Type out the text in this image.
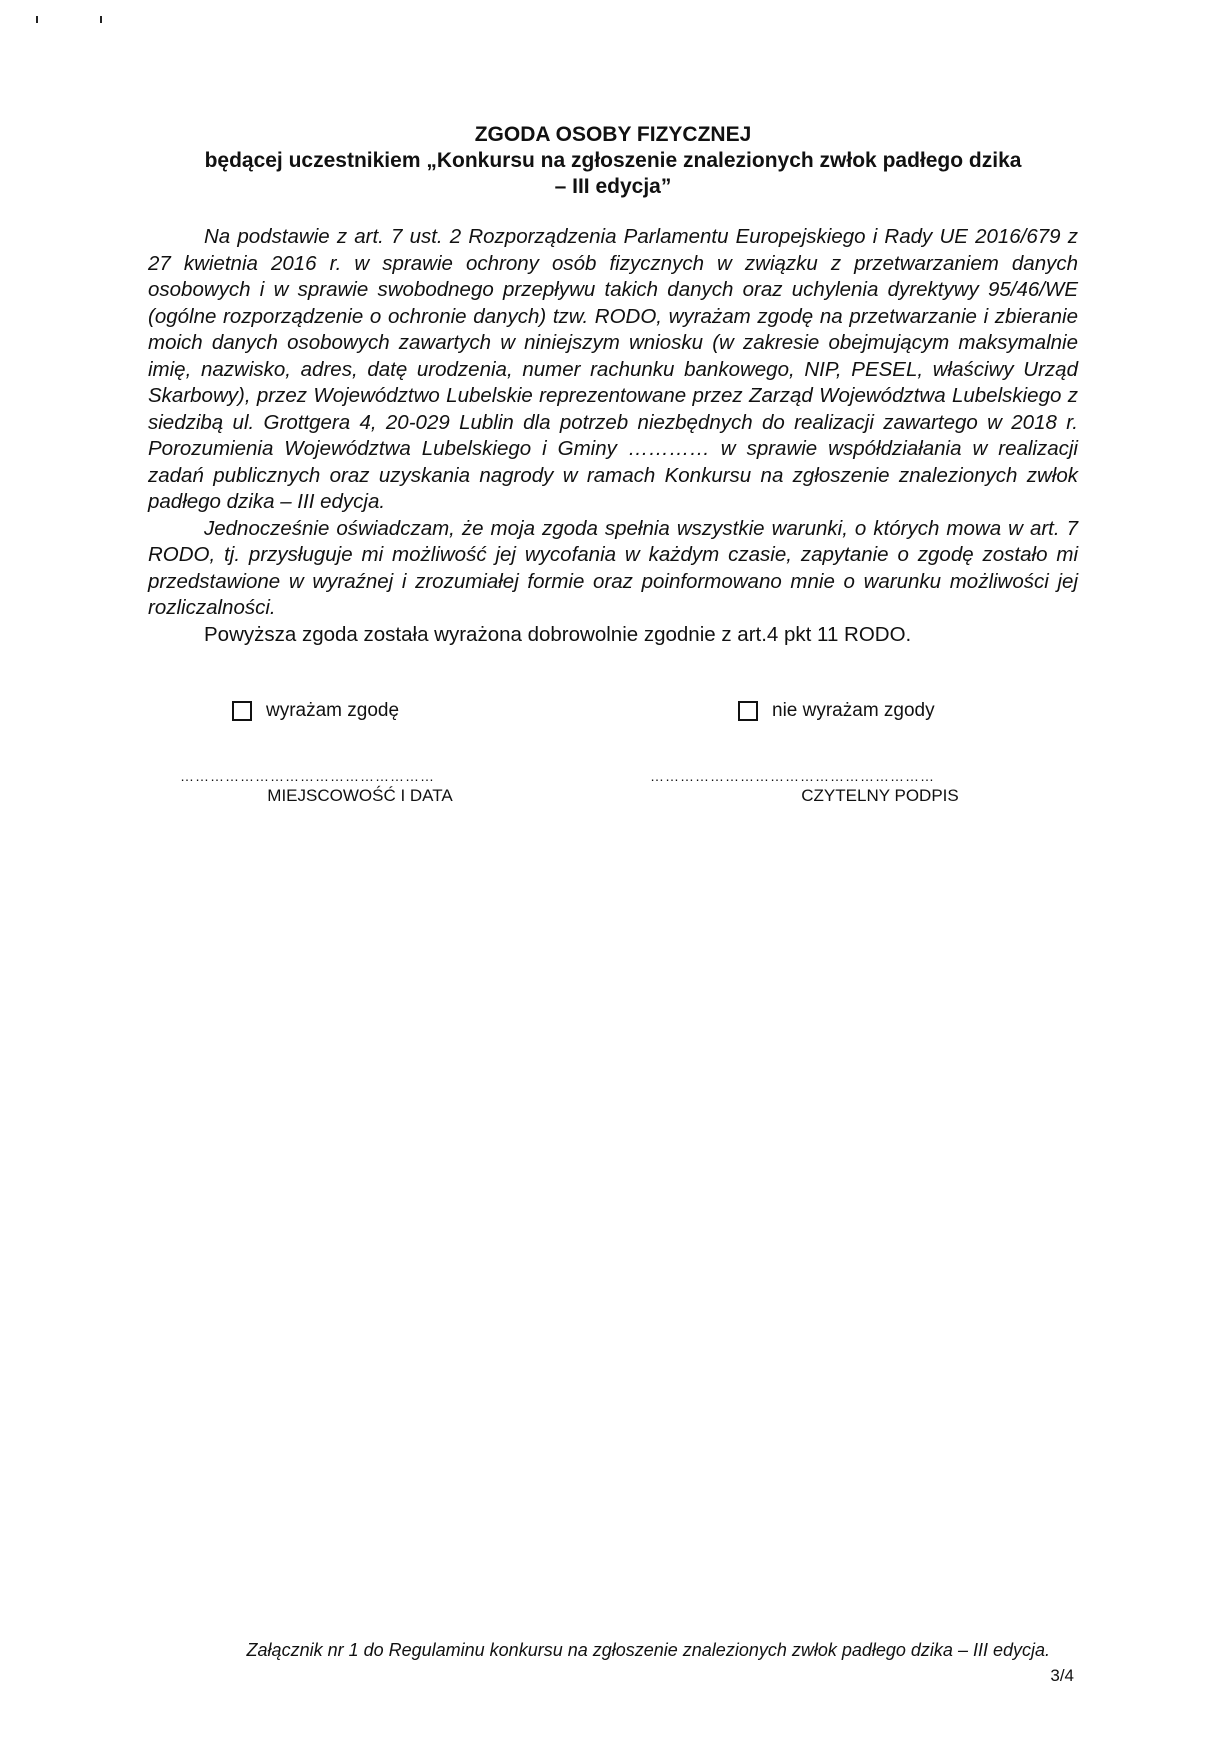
ZGODA OSOBY FIZYCZNEJ
będącej uczestnikiem „Konkursu na zgłoszenie znalezionych zwłok padłego dzika
– III edycja”

Na podstawie z art. 7 ust. 2 Rozporządzenia Parlamentu Europejskiego i Rady UE 2016/679 z 27 kwietnia 2016 r. w sprawie ochrony osób fizycznych w związku z przetwarzaniem danych osobowych i w sprawie swobodnego przepływu takich danych oraz uchylenia dyrektywy 95/46/WE (ogólne rozporządzenie o ochronie danych) tzw. RODO, wyrażam zgodę na przetwarzanie i zbieranie moich danych osobowych zawartych w niniejszym wniosku (w zakresie obejmującym maksymalnie imię, nazwisko, adres, datę urodzenia, numer rachunku bankowego, NIP, PESEL, właściwy Urząd Skarbowy), przez Województwo Lubelskie reprezentowane przez Zarząd Województwa Lubelskiego z siedzibą ul. Grottgera 4, 20-029 Lublin dla potrzeb niezbędnych do realizacji zawartego w 2018 r. Porozumienia Województwa Lubelskiego i Gminy ………… w sprawie współdziałania w realizacji zadań publicznych oraz uzyskania nagrody w ramach Konkursu na zgłoszenie znalezionych zwłok padłego dzika – III edycja.

Jednocześnie oświadczam, że moja zgoda spełnia wszystkie warunki, o których mowa w art. 7 RODO, tj. przysługuje mi możliwość jej wycofania w każdym czasie, zapytanie o zgodę zostało mi przedstawione w wyraźnej i zrozumiałej formie oraz poinformowano mnie o warunku możliwości jej rozliczalności.

Powyższa zgoda została wyrażona dobrowolnie zgodnie z art.4 pkt 11 RODO.

wyrażam zgodę	nie wyrażam zgody
……………………………………………
MIEJSCOWOŚĆ I DATA
…………………………………………………
CZYTELNY PODPIS
Załącznik nr 1 do Regulaminu konkursu na zgłoszenie znalezionych zwłok padłego dzika – III edycja.
3/4
